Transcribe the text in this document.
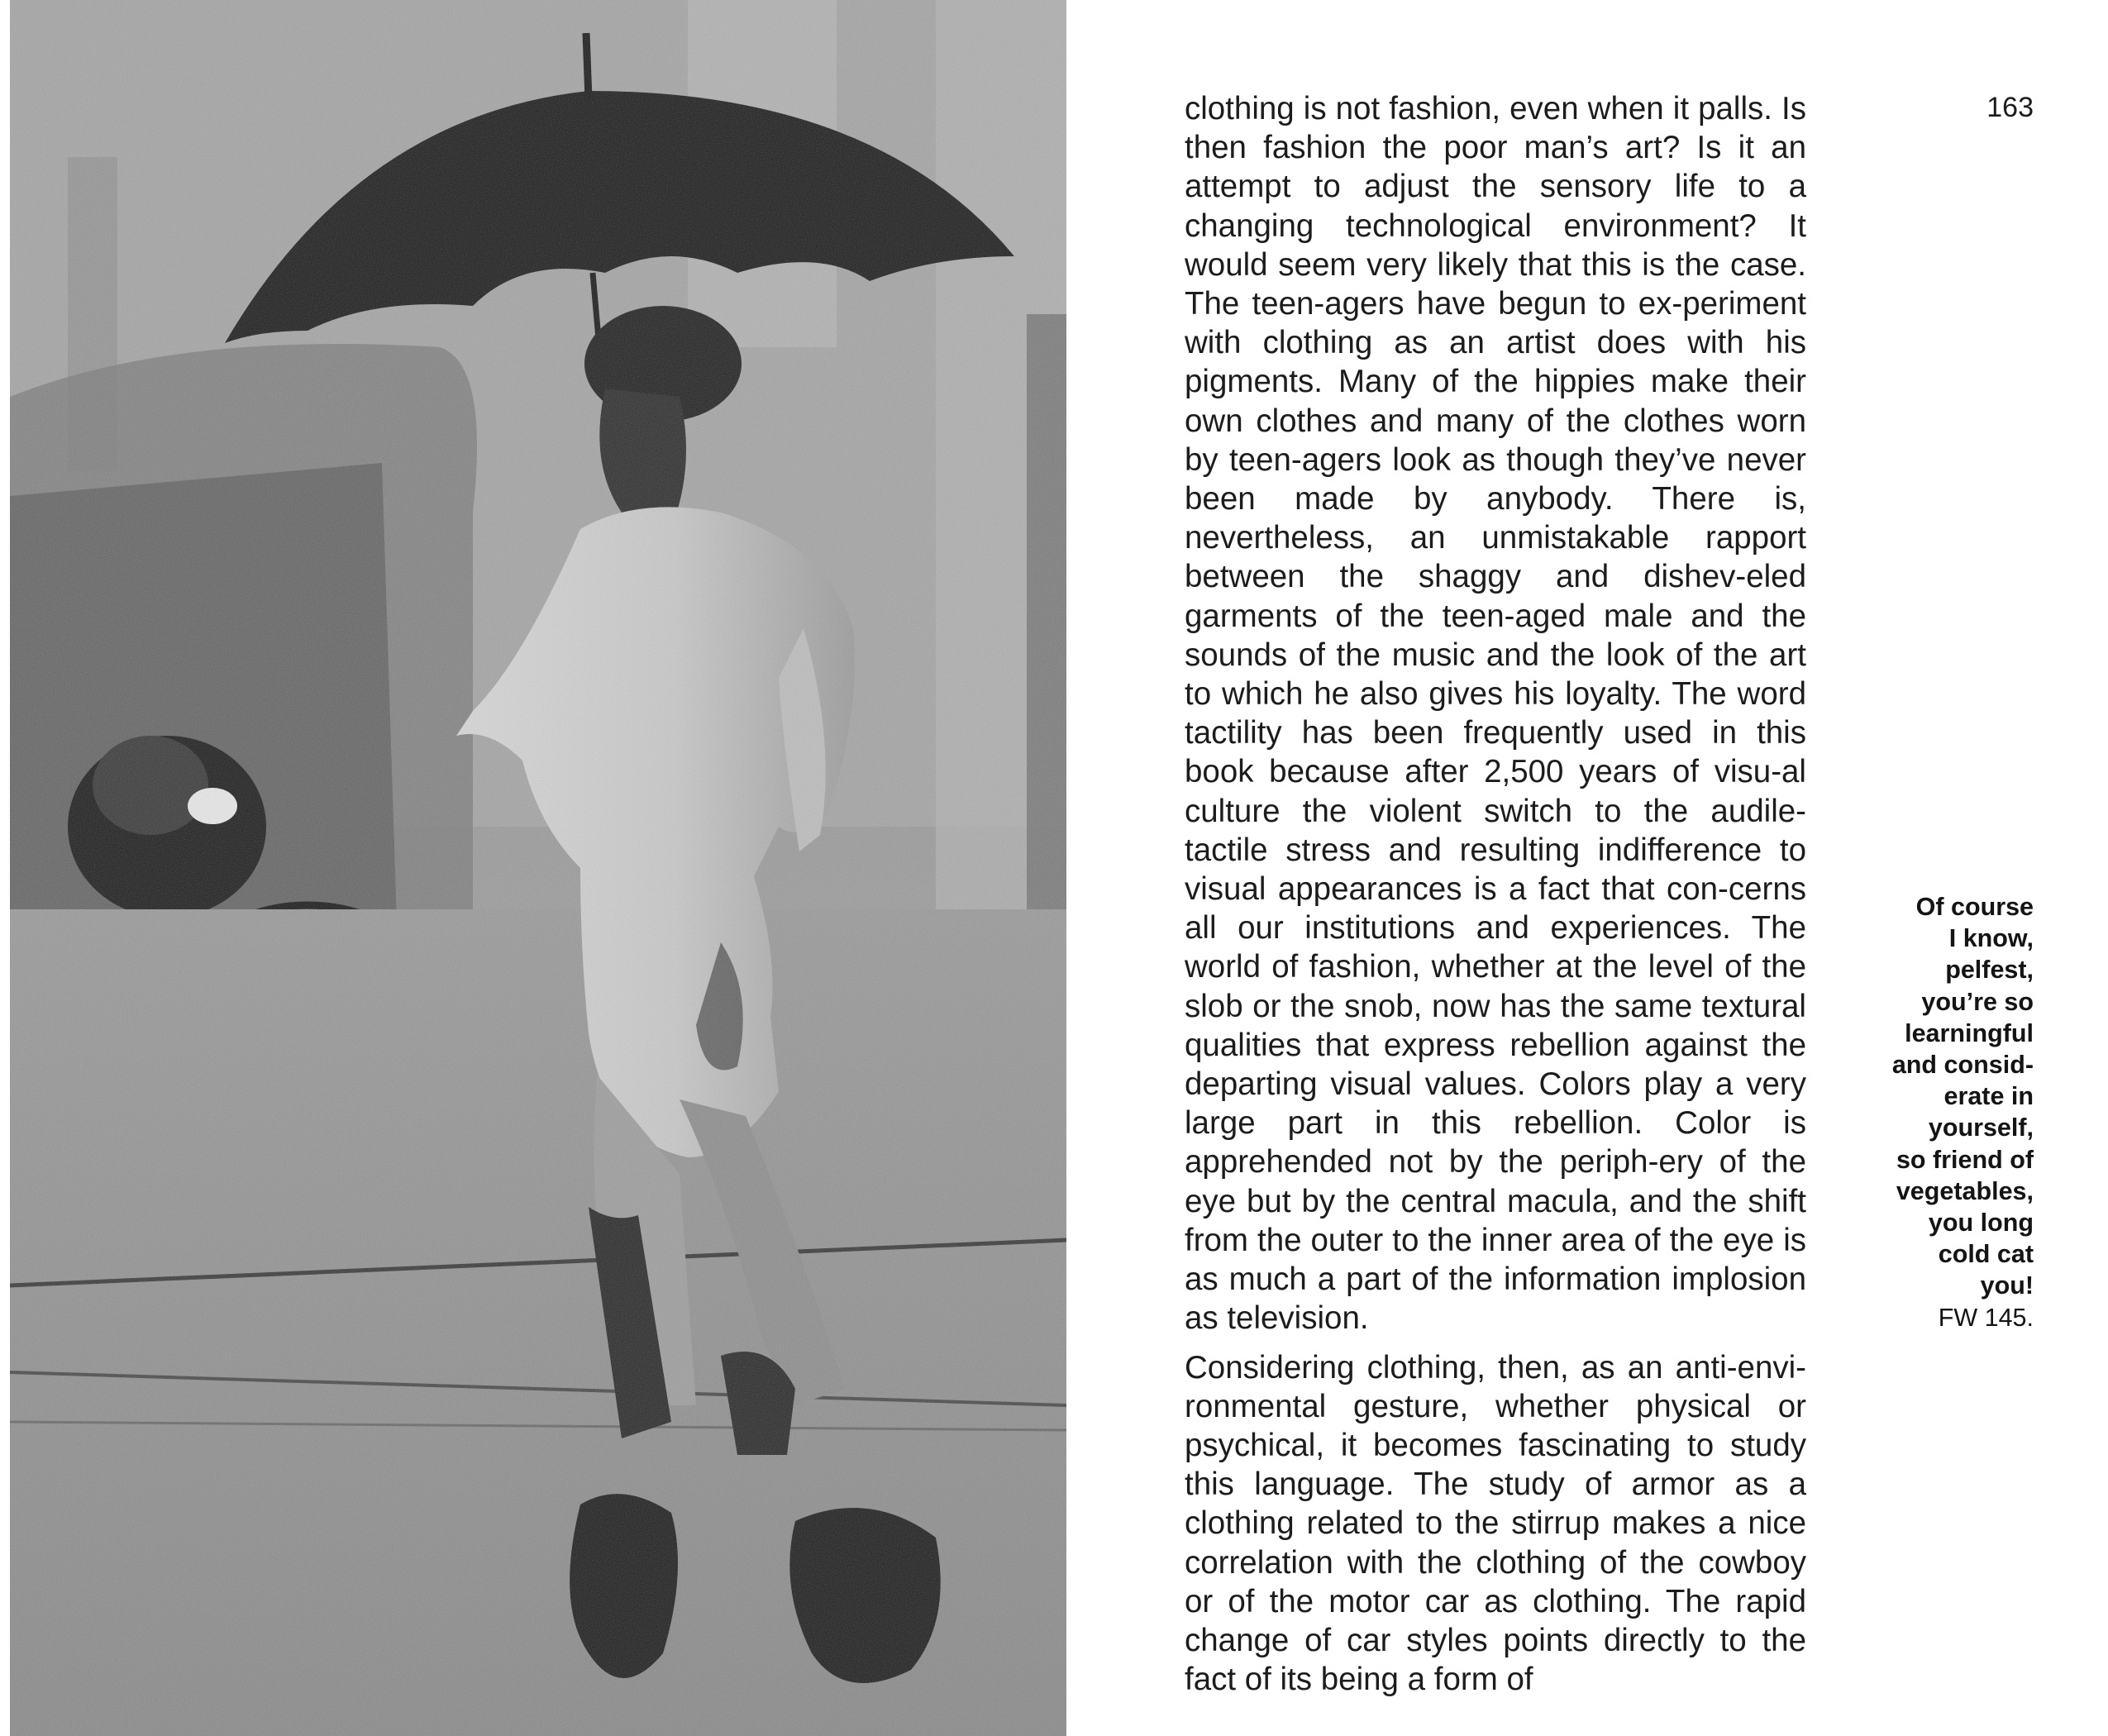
clothing is not fashion, even when it palls. Is then fashion the poor man’s art? Is it an attempt to adjust the sensory life to a changing technological environment? It would seem very likely that this is the case. The teen-agers have begun to ex-periment with clothing as an artist does with his pigments. Many of the hippies make their own clothes and many of the clothes worn by teen-agers look as though they’ve never been made by anybody. There is, nevertheless, an unmistakable rapport between the shaggy and dishev-eled garments of the teen-aged male and the sounds of the music and the look of the art to which he also gives his loyalty. The word tactility has been frequently used in this book because after 2,500 years of visu-al culture the violent switch to the audile-tactile stress and resulting indifference to visual appearances is a fact that con-cerns all our institutions and experiences. The world of fashion, whether at the level of the slob or the snob, now has the same textural qualities that express rebellion against the departing visual values. Colors play a very large part in this rebellion. Color is apprehended not by the periph-ery of the eye but by the central macula, and the shift from the outer to the inner area of the eye is as much a part of the information implosion as television.

Considering clothing, then, as an anti-envi-ronmental gesture, whether physical or psychical, it becomes fascinating to study this language. The study of armor as a clothing related to the stirrup makes a nice correlation with the clothing of the cowboy or of the motor car as clothing. The rapid change of car styles points directly to the fact of its being a form of

163

Of course
I know,
pelfest,
you’re so
learningful
and consid-
erate in
yourself,
so friend of
vegetables,
you long
cold cat
you!

FW 145.
